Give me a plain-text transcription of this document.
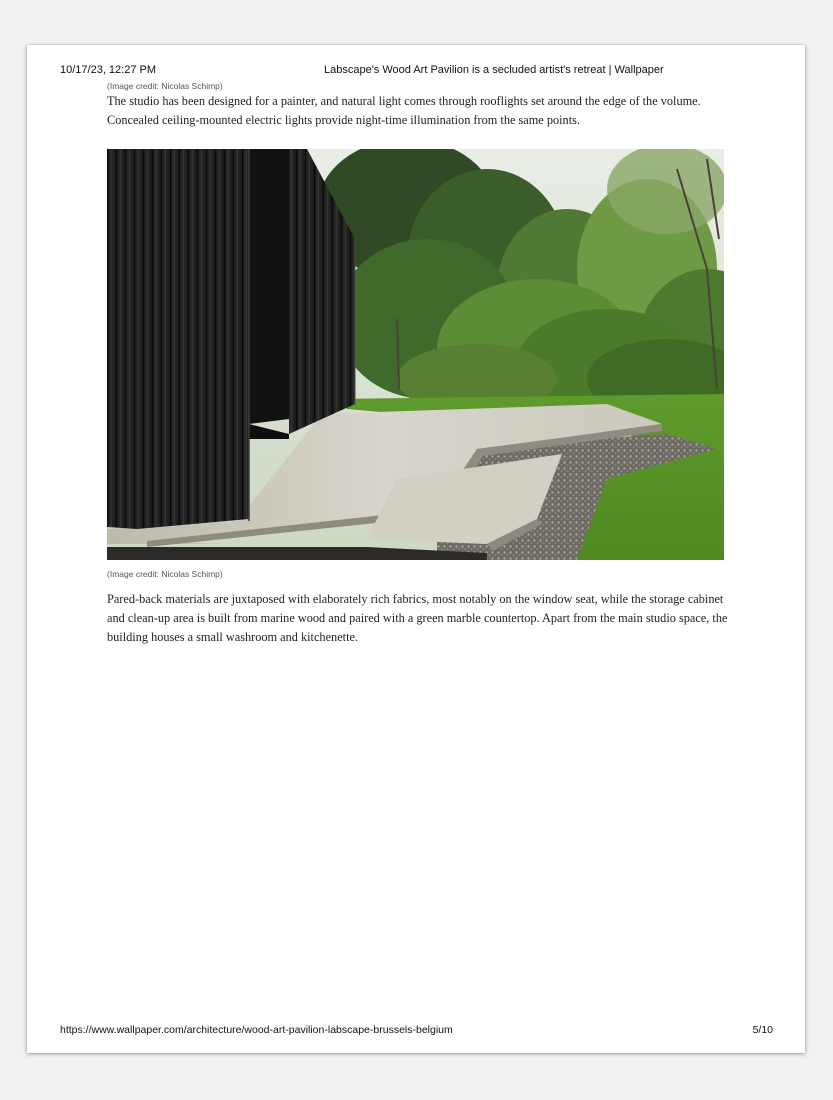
10/17/23, 12:27 PM	Labscape's Wood Art Pavilion is a secluded artist's retreat | Wallpaper
(Image credit: Nicolas Schimp)

The studio has been designed for a painter, and natural light comes through rooflights set around the edge of the volume. Concealed ceiling-mounted electric lights provide night-time illumination from the same points.

(Image credit: Nicolas Schimp)

Pared-back materials are juxtaposed with elaborately rich fabrics, most notably on the window seat, while the storage cabinet and clean-up area is built from marine wood and paired with a green marble countertop. Apart from the main studio space, the building houses a small washroom and kitchenette.

https://www.wallpaper.com/architecture/wood-art-pavilion-labscape-brussels-belgium	5/10
